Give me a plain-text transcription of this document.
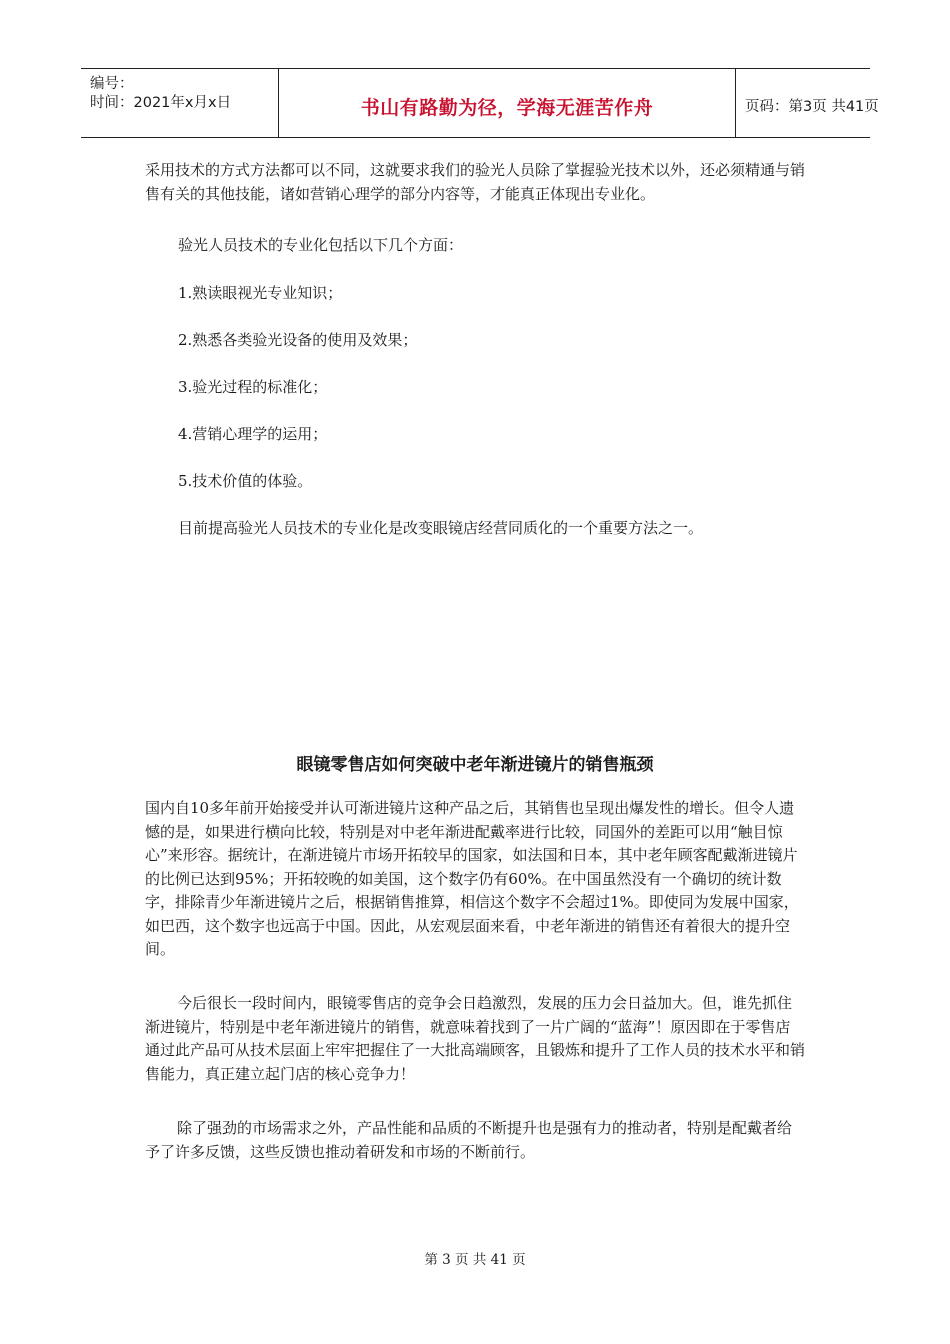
编号：
时间：2021年x月x日	书山有路勤为径，学海无涯苦作舟	页码：第3页 共41页

采用技术的方式方法都可以不同，这就要求我们的验光人员除了掌握验光技术以外，还必须精通与销售有关的其他技能，诸如营销心理学的部分内容等，才能真正体现出专业化。

验光人员技术的专业化包括以下几个方面：

1.熟读眼视光专业知识；

2.熟悉各类验光设备的使用及效果；

3.验光过程的标准化；

4.营销心理学的运用；

5.技术价值的体验。

目前提高验光人员技术的专业化是改变眼镜店经营同质化的一个重要方法之一。

眼镜零售店如何突破中老年渐进镜片的销售瓶颈

国内自10多年前开始接受并认可渐进镜片这种产品之后，其销售也呈现出爆发性的增长。但令人遗憾的是，如果进行横向比较，特别是对中老年渐进配戴率进行比较，同国外的差距可以用“触目惊心”来形容。据统计，在渐进镜片市场开拓较早的国家，如法国和日本，其中老年顾客配戴渐进镜片的比例已达到95%；开拓较晚的如美国，这个数字仍有60%。在中国虽然没有一个确切的统计数字，排除青少年渐进镜片之后，根据销售推算，相信这个数字不会超过1%。即使同为发展中国家，如巴西，这个数字也远高于中国。因此，从宏观层面来看，中老年渐进的销售还有着很大的提升空间。

今后很长一段时间内，眼镜零售店的竞争会日趋激烈，发展的压力会日益加大。但，谁先抓住渐进镜片，特别是中老年渐进镜片的销售，就意味着找到了一片广阔的“蓝海”！原因即在于零售店通过此产品可从技术层面上牢牢把握住了一大批高端顾客，且锻炼和提升了工作人员的技术水平和销售能力，真正建立起门店的核心竞争力！

除了强劲的市场需求之外，产品性能和品质的不断提升也是强有力的推动者，特别是配戴者给予了许多反馈，这些反馈也推动着研发和市场的不断前行。

第 3 页 共 41 页
